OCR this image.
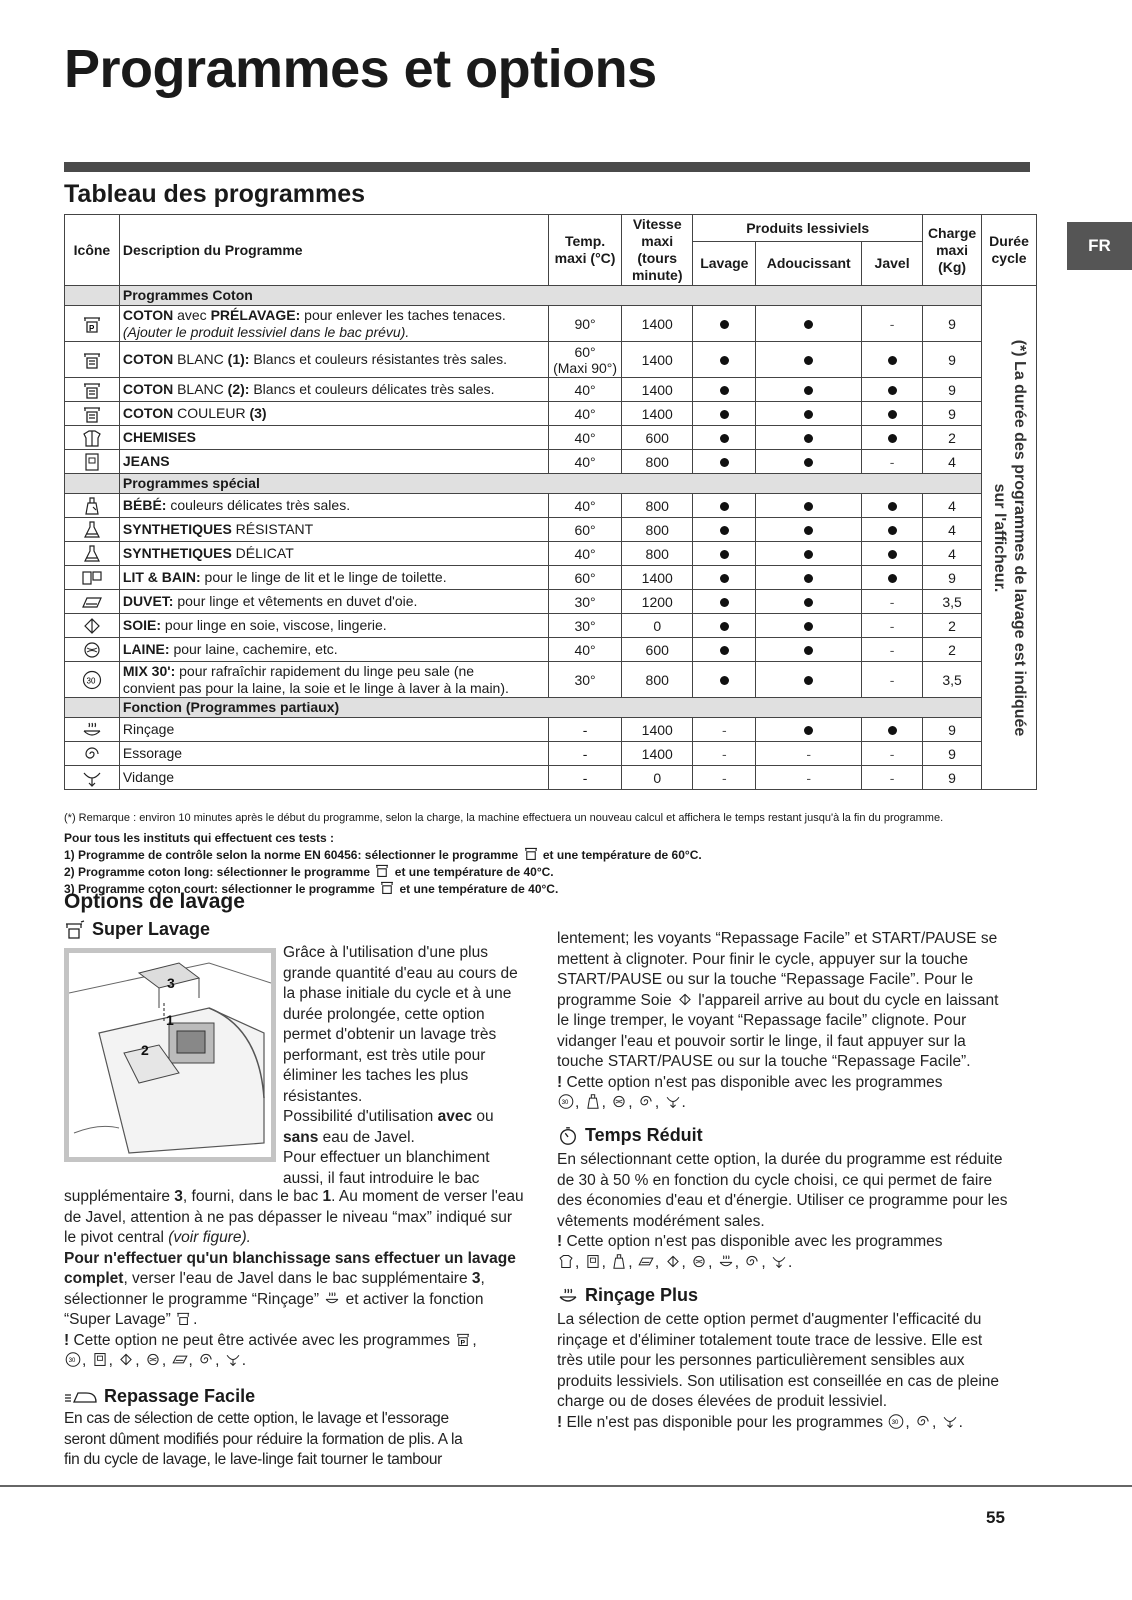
Programmes et options
FR
Tableau des programmes
Icône	Description du Programme	Temp. maxi (°C)	Vitesse maxi (tours minute)	Produits lessiviels			Charge maxi (Kg)	Durée cycle
				Lavage	Adoucissant	Javel		
	Programmes Coton							(*) La durée des programmes de lavage est indiquée
sur l'afficheur.

P	COTON avec PRÉLAVAGE: pour enlever les taches tenaces.
(Ajouter le produit lessiviel dans le bac prévu).	90°	1400			-	9	
	COTON BLANC (1): Blancs et couleurs résistantes très sales.	60°
(Maxi 90°)	1400				9	
	COTON BLANC (2): Blancs et couleurs délicates très sales.	40°	1400				9	
	COTON COULEUR (3)	40°	1400				9	
	CHEMISES	40°	600				2	
	JEANS	40°	800			-	4	
	Programmes spécial							
	BÉBÉ: couleurs délicates très sales.	40°	800				4	
	SYNTHETIQUES RÉSISTANT	60°	800				4	
	SYNTHETIQUES DÉLICAT	40°	800				4	
	LIT & BAIN: pour le linge de lit et le linge de toilette.	60°	1400				9	
	DUVET: pour linge et vêtements en duvet d'oie.	30°	1200			-	3,5	
	SOIE: pour linge en soie, viscose, lingerie.	30°	0			-	2	
	LAINE: pour laine, cachemire, etc.	40°	600			-	2	

30	MIX 30': pour rafraîchir rapidement du linge peu sale (ne
convient pas pour la laine, la soie et le linge à laver à la main).	30°	800			-	3,5	
	Fonction (Programmes partiaux)							
	Rinçage	-	1400	-			9	
	Essorage	-	1400	-	-	-	9	
	Vidange	-	0	-	-	-	9	
(*) Remarque : environ 10 minutes après le début du programme, selon la charge, la machine effectuera un nouveau calcul et affichera le temps restant jusqu'à la fin du programme.
Pour tous les instituts qui effectuent ces tests :
1) Programme de contrôle selon la norme EN 60456: sélectionner le programme et une température de 60°C.
2) Programme coton long: sélectionner le programme et une température de 40°C.
3) Programme coton court: sélectionner le programme et une température de 40°C.
Options de lavage
Super Lavage
3
1
2
Grâce à l'utilisation d'une plus grande quantité d'eau au cours de la phase initiale du cycle et à une durée prolongée, cette option permet d'obtenir un lavage très performant, est très utile pour éliminer les taches les plus résistantes.
Possibilité d'utilisation avec ou sans eau de Javel.
Pour effectuer un blanchiment aussi, il faut introduire le bac
supplémentaire 3, fourni, dans le bac 1. Au moment de verser l'eau de Javel, attention à ne pas dépasser le niveau “max” indiqué sur le pivot central (voir figure).
Pour n'effectuer qu'un blanchissage sans effectuer un lavage complet, verser l'eau de Javel dans le bac supplémentaire 3, sélectionner le programme “Rinçage”  et activer la fonction “Super Lavage” .
! Cette option ne peut être activée avec les programmes P ,

30 , , , , , , .
Repassage Facile
En cas de sélection de cette option, le lavage et l'essorage seront dûment modifiés pour réduire la formation de plis. A la fin du cycle de lavage, le lave-linge fait tourner le tambour
lentement; les voyants “Repassage Facile” et START/PAUSE se mettent à clignoter. Pour finir le cycle, appuyer sur la touche START/PAUSE ou sur la touche “Repassage Facile”. Pour le programme Soie  l'appareil arrive au bout du cycle en laissant le linge tremper, le voyant “Repassage facile” clignote. Pour vidanger l'eau et pouvoir sortir le linge, il faut appuyer sur la touche START/PAUSE ou sur la touche “Repassage Facile”.
! Cette option n'est pas disponible avec les programmes

30 , , , , .
Temps Réduit
En sélectionnant cette option, la durée du programme est réduite de 30 à 50 % en fonction du cycle choisi, ce qui permet de faire des économies d'eau et d'énergie. Utiliser ce programme pour les vêtements modérément sales.
! Cette option n'est pas disponible avec les programmes
, , , , , , , , .
Rinçage Plus
La sélection de cette option permet d'augmenter l'efficacité du rinçage et d'éliminer totalement toute trace de lessive. Elle est très utile pour les personnes particulièrement sensibles aux produits lessiviels. Son utilisation est conseillée en cas de pleine charge ou de doses élevées de produit lessiviel.
! Elle n'est pas disponible pour les programmes 30 , , .
55
